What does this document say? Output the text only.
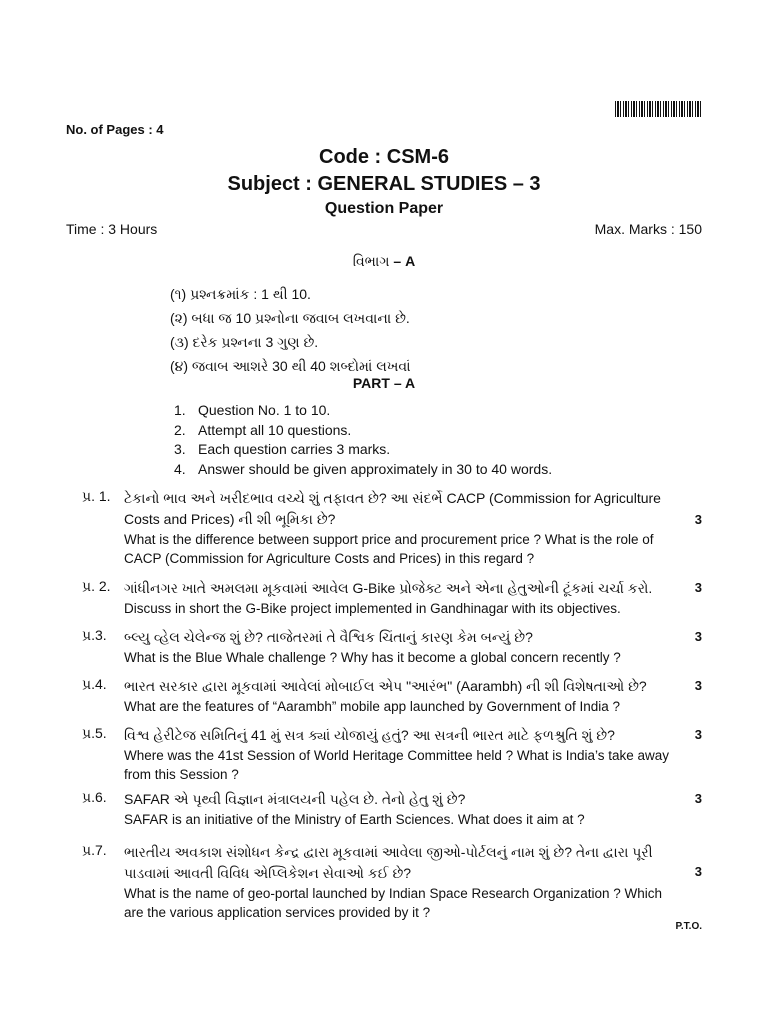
No. of Pages : 4
Code : CSM-6
Subject : GENERAL STUDIES – 3
Question Paper
Time : 3 Hours	Max. Marks : 150
વિભાગ – A
(૧) પ્રશ્નક્રમાંક : 1 થી 10.
(૨) બધા જ 10 પ્રશ્નોના જવાબ લખવાના છે.
(૩) દરેક પ્રશ્નના 3 ગુણ છે.
(૪) જવાબ આશરે 30 થી 40 શબ્દોમાં લખવાં
PART – A
1. Question No. 1 to 10.
2. Attempt all 10 questions.
3. Each question carries 3 marks.
4. Answer should be given approximately in 30 to 40 words.
પ્ર. 1. ટેકાનો ભાવ અને ખરીદભાવ વચ્ચે શું તફાવત છે? આ સંદર્ભે CACP (Commission for Agriculture Costs and Prices) ની શી ભૂમિકા છે?
What is the difference between support price and procurement price ? What is the role of CACP (Commission for Agriculture Costs and Prices) in this regard ?
3
પ્ર. 2. ગાંધીનગર ખાતે અમલમા મૂકવામાં આવેલ G-Bike પ્રોજેક્ટ અને એના હેતુઓની ટૂંકમાં ચર્ચા કરો.
Discuss in short the G-Bike project implemented in Gandhinagar with its objectives.
3
પ્ર.3. બ્લ્યુ વ્હેલ ચેલેન્જ શું છે? તાજેતરમાં તે વૈશ્વિક ચિંતાનું કારણ કેમ બન્યું છે?
What is the Blue Whale challenge ? Why has it become a global concern recently ?
3
પ્ર.4. ભારત સરકાર દ્વારા મૂકવામાં આવેલાં મોબાઈલ એપ "આરંભ" (Aarambh) ની શી વિશેષતાઓ છે?
What are the features of “Aarambh” mobile app launched by Government of India ?
3
પ્ર.5. વિશ્વ હેરીટેજ સમિતિનું 41 મું સત્ર ક્યાં યોજાયું હતું? આ સત્રની ભારત માટે ફળશ્રુતિ શું છે?
Where was the 41st Session of World Heritage Committee held ? What is India’s take away from this Session ?
3
પ્ર.6. SAFAR એ પૃથ્વી વિજ્ઞાન મંત્રાલયની પહેલ છે. તેનો હેતુ શું છે?
SAFAR is an initiative of the Ministry of Earth Sciences. What does it aim at ?
3
પ્ર.7. ભારતીય અવકાશ સંશોધન કેન્દ્ર દ્વારા મૂકવામાં આવેલા જીઓ-પોર્ટલનું નામ શું છે? તેના દ્વારા પૂરી પાડવામાં આવતી વિવિધ એપ્લિકેશન સેવાઓ કઈ છે?
What is the name of geo-portal launched by Indian Space Research Organization ? Which are the various application services provided by it ?
3
P.T.O.
